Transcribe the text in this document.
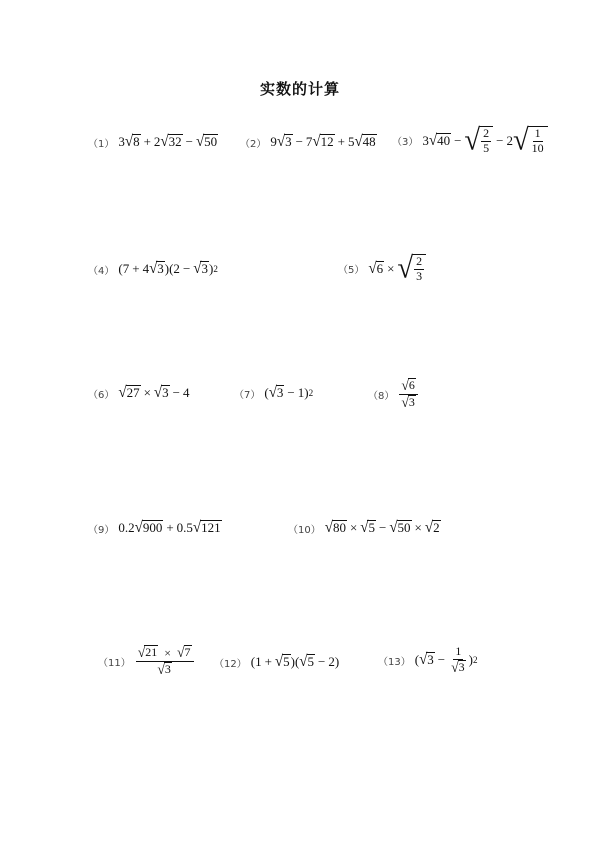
实数的计算
（1） 3 √ 8 + 2 √ 32 − √ 50 （2） 9 √ 3 − 7 √ 12 + 5 √ 48 （3） 3 √ 40 − √ $\frac{2}{5} - 2$ √ $\frac{1}{10}$
（4） (7 + 4 √ 3 )(2 − √ 3 ) 2	（5） √ 6 × √ $\frac{2}{3}$
（6） √ 27 × √ 3 − 4	（7） ( √ 3 − 1) 2	$(8) \frac{√ 6}{√ 3}$
（9） 0.2 √ 900 + 0.5 √ 121	（10） √ 80 × √ 5 − √ 50 × √ 2
$(11) \frac{√ 21 \times √ 7}{√ 3} (12) (1$ + √ 5 )( √ 5 − 2)	（13） ( √ $3 - \frac{1}{√ 3}$ ) 2
